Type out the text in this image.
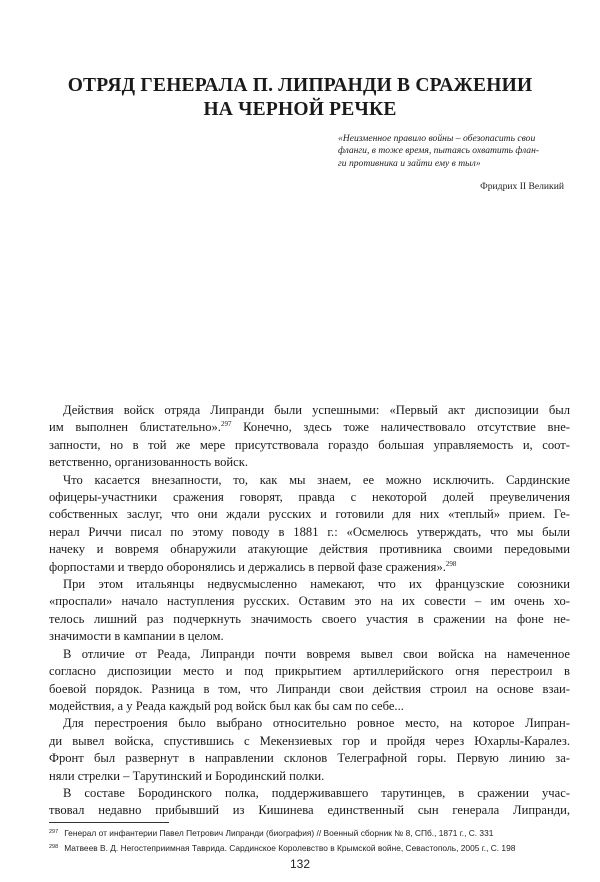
ОТРЯД ГЕНЕРАЛА П. ЛИПРАНДИ В СРАЖЕНИИ
НА ЧЕРНОЙ РЕЧКЕ
«Неизменное правило войны – обезопасить свои
фланги, в тоже время, пытаясь охватить флан-
ги противника и зайти ему в тыл»
Фридрих II Великий
Действия войск отряда Липранди были успешными: «Первый акт диспозиции был
им выполнен блистательно».$^{297}$ Конечно, здесь тоже наличествовало отсутствие вне-
запности, но в той же мере присутствовала гораздо большая управляемость и, соот-
ветственно, организованность войск.
Что касается внезапности, то, как мы знаем, ее можно исключить. Сардинские
офицеры-участники сражения говорят, правда с некоторой долей преувеличения
собственных заслуг, что они ждали русских и готовили для них «теплый» прием. Ге-
нерал Риччи писал по этому поводу в 1881 г.: «Осмелюсь утверждать, что мы были
начеку и вовремя обнаружили атакующие действия противника своими передовыми
форпостами и твердо оборонялись и держались в первой фазе сражения».$^{298}$
При этом итальянцы недвусмысленно намекают, что их французские союзники
«проспали» начало наступления русских. Оставим это на их совести – им очень хо-
телось лишний раз подчеркнуть значимость своего участия в сражении на фоне не-
значимости в кампании в целом.
В отличие от Реада, Липранди почти вовремя вывел свои войска на намеченное
согласно диспозиции место и под прикрытием артиллерийского огня перестроил в
боевой порядок. Разница в том, что Липранди свои действия строил на основе взаи-
модействия, а у Реада каждый род войск был как бы сам по себе...
Для перестроения было выбрано относительно ровное место, на которое Липран-
ди вывел войска, спустившись с Мекензиевых гор и пройдя через Юхарлы-Каралез.
Фронт был развернут в направлении склонов Телеграфной горы. Первую линию за-
няли стрелки – Тарутинский и Бородинский полки.
В составе Бородинского полка, поддерживавшего тарутинцев, в сражении учас-
твовал недавно прибывший из Кишинева единственный сын генерала Липранди,
$^{297}$ Генерал от инфантерии Павел Петрович Липранди (биография) // Военный сборник № 8, СПб., 1871 г., С. 331
$^{298}$ Матвеев В. Д. Негостеприимная Таврида. Сардинское Королевство в Крымской войне, Севастополь, 2005 г., С. 198
132
